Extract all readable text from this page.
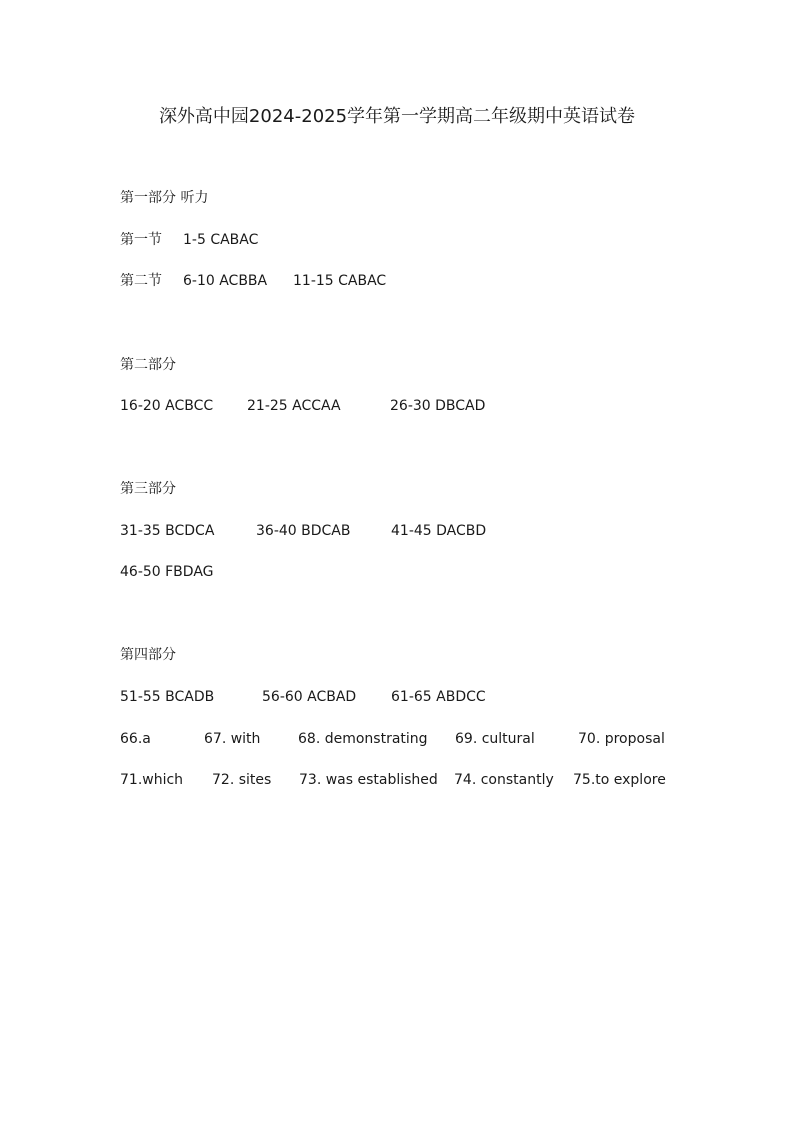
深外高中园2024-2025学年第一学期高二年级期中英语试卷
第一部分 听力
第一节 1-5 CABAC
第二节 6-10 ACBBA 11-15 CABAC
第二部分
16-20 ACBCC 21-25 ACCAA	26-30 DBCAD
第三部分
31-35 BCDCA	36-40 BDCAB	41-45 DACBD
46-50 FBDAG
第四部分
51-55 BCADB	56-60 ACBAD 61-65 ABDCC
66.a	67. with	68. demonstrating 69. cultural	70. proposal
71.which 72. sites 73. was established 74. constantly 75.to explore
